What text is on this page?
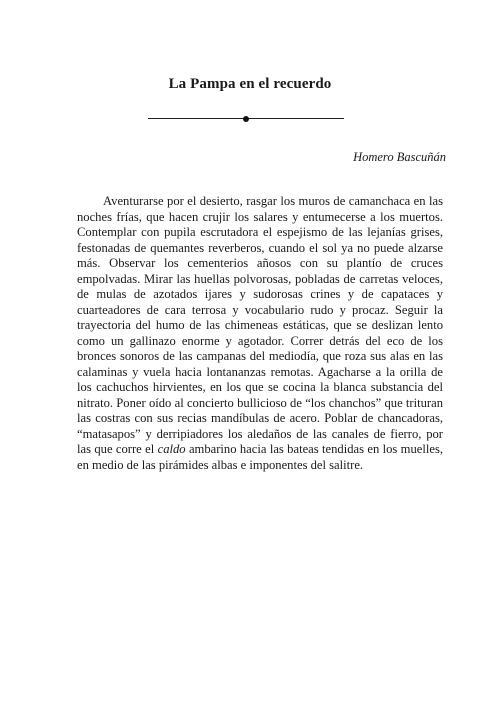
La Pampa en el recuerdo
Homero Bascuñán

Aventurarse por el desierto, rasgar los muros de camanchaca en las noches frías, que hacen crujir los salares y entumecerse a los muertos. Contemplar con pupila escrutadora el espejismo de las lejanías grises, festonadas de quemantes reverberos, cuando el sol ya no puede alzarse más. Observar los cementerios añosos con su plantío de cruces empolvadas. Mirar las huellas polvorosas, pobladas de carretas veloces, de mulas de azotados ijares y sudorosas crines y de capataces y cuarteadores de cara terrosa y vocabulario rudo y procaz. Seguir la trayectoria del humo de las chimeneas estáticas, que se deslizan lento como un gallinazo enorme y agotador. Correr detrás del eco de los bronces sonoros de las campanas del mediodía, que roza sus alas en las calaminas y vuela hacia lontananzas remotas. Agacharse a la orilla de los cachuchos hirvientes, en los que se cocina la blanca substancia del nitrato. Poner oído al concierto bullicioso de “los chanchos” que trituran las costras con sus recias mandíbulas de acero. Poblar de chancadoras, “matasapos” y derripiadores los aledaños de las canales de fierro, por las que corre el caldo ambarino hacia las bateas tendidas en los muelles, en medio de las pirámides albas e imponentes del salitre.
